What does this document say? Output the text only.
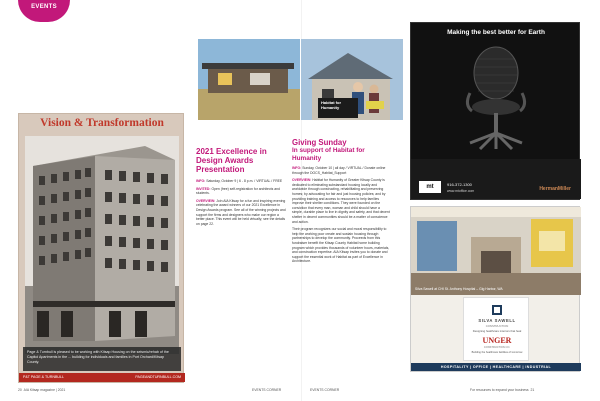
EVENTS
Vision & Transformation
Page & Turnbull is pleased to be working with Kitsap Housing on the seismic/rehab of the Capitol Apartments in the ... building for individuals and families in Port Orchard/Kitsap County.
P&T PAGE & TURNBULL	PAGEANDTURNBULL.COM
2021 Excellence in Design Awards Presentation

INFO: Saturday, October 9 | 6 - 8 p.m. / VIRTUAL / FREE

INVITED: Open (free) self-registration for architects and students.

OVERVIEW: Join AIA Kitsap for a fun and inspiring evening celebrating the award winners of our 2021 Excellence in Design Awards program. See all of the winning projects and support the firms and designers who make our region a better place. This event will be held virtually; see the details on page 22.

Habitat for Humanity
Giving Sunday
In support of Habitat for Humanity

INFO: Sunday, October 10 | all day / VIRTUAL / Donate online through the DOCS_Habitat_Support

OVERVIEW: Habitat for Humanity of Greater Kitsap County is dedicated to eliminating substandard housing locally and worldwide through constructing, rehabilitating and preserving homes; by advocating for fair and just housing policies; and by providing training and access to resources to help families improve their shelter conditions. They were founded on the conviction that every man, woman and child should have a simple, durable place to live in dignity and safety, and that decent shelter in decent communities should be a matter of conscience and action.

Their program recognizes our social and moral responsibility to help the working poor create and sustain housing through partnerships to develop the community. Proceeds from this fundraiser benefit the Kitsap County Habitat home building program which provides thousands of volunteer hours, materials, and construction expertise. AIA Kitsap invites you to donate and support the essential work of Habitat as part of Excellence in Architecture.

Making the best better for Earth
mt	916-372-1300
www.mtoffice.com	HermanMiller
Silva Sawell at CHI St. Anthony Hospital – Gig Harbor, WA
SILVA SAWELL
CONSTRUCTION
Designing healthcare interiors that heal
UNGER
CONSTRUCTION CO.
Building the healthcare facilities of tomorrow
HOSPITALITY | OFFICE | HEALTHCARE | INDUSTRIAL
20 AIA Kitsap magazine | 2021	EVENTS CORNER	EVENTS CORNER	For resources to expand your business 21
